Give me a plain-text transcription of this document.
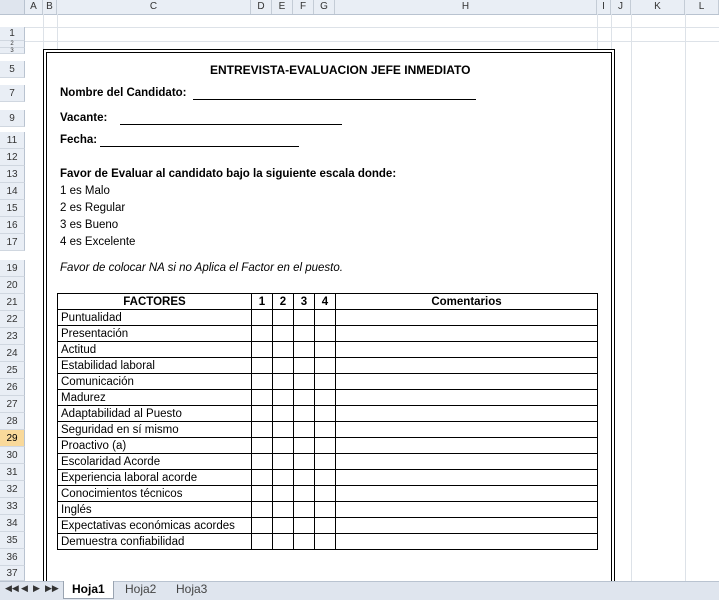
A B	C	D	E	F	G	H	I	J	K	L
1
2
3
5
7
9
11
12
13
14
15
16
17
19
20
21
22
23
24
25
26
27
28
29
30
31
32
33
34
35
36
37
ENTREVISTA-EVALUACION JEFE INMEDIATO
Nombre del Candidato:
Vacante:
Fecha:
Favor de Evaluar al candidato bajo la siguiente escala donde:
1 es Malo
2 es Regular
3 es Bueno
4 es Excelente
Favor de colocar NA si no Aplica el Factor en el puesto.
FACTORES	1	2	3	4	Comentarios
Puntualidad					
Presentación					
Actitud					
Estabilidad laboral					
Comunicación					
Madurez					
Adaptabilidad al Puesto					
Seguridad en sí mismo					
Proactivo (a)					
Escolaridad Acorde					
Experiencia laboral acorde					
Conocimientos técnicos					
Inglés					
Expectativas económicas acordes					
Demuestra confiabilidad					
◀◀ ◀ ▶ ▶▶	Hoja1	Hoja2	Hoja3
